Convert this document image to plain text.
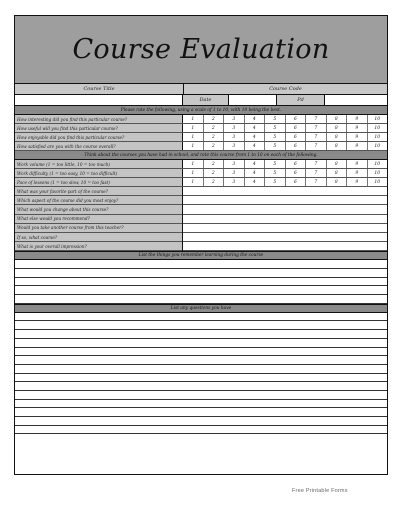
Course Evaluation
Course Title	Course Code
Date	Pd
Please rate the following, using a scale of 1 to 10, with 10 being the best.
How interesting did you find this particular course?	1	2	3	4	5	6	7	8	9	10
How useful will you find this particular course?	1	2	3	4	5	6	7	8	9	10
How enjoyable did you find this particular course?	1	2	3	4	5	6	7	8	9	10
How satisfied are you with the course overall?	1	2	3	4	5	6	7	8	9	10
Think about the courses you have had in school, and rate this course from 1 to 10 on each of the following.
Work volume (1 = too little, 10 = too much)	1	2	3	4	5	6	7	8	9	10
Work difficulty (1 = too easy, 10 = too difficult)	1	2	3	4	5	6	7	8	9	10
Pace of lessons (1 = too slow, 10 = too fast)	1	2	3	4	5	6	7	8	9	10
What was your favorite part of the course?
Which aspect of the course did you most enjoy?
What would you change about this course?
What else would you recommend?
Would you take another course from this teacher?
If so, what course?
What is your overall impression?
List the things you remember learning during the course
List any questions you have
Free Printable Forms
